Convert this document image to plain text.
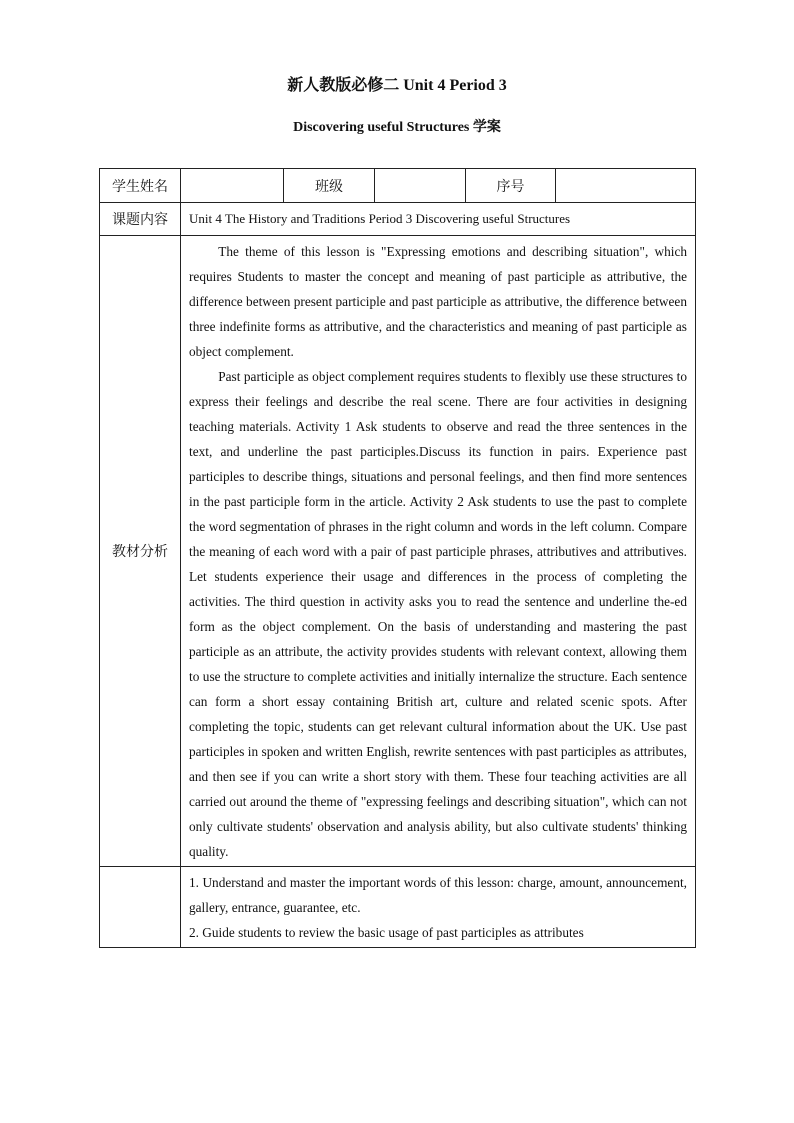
新人教版必修二 Unit 4 Period 3
Discovering useful Structures 学案
学生姓名		班级		序号	
课题内容	Unit 4 The History and Traditions Period 3 Discovering useful Structures				
教材分析	The theme of this lesson is "Expressing emotions and describing situation", which requires Students to master the concept and meaning of past participle as attributive, the difference between present participle and past participle as attributive, the difference between three indefinite forms as attributive, and the characteristics and meaning of past participle as object complement.

Past participle as object complement requires students to flexibly use these structures to express their feelings and describe the real scene. There are four activities in designing teaching materials. Activity 1 Ask students to observe and read the three sentences in the text, and underline the past participles.Discuss its function in pairs. Experience past participles to describe things, situations and personal feelings, and then find more sentences in the past participle form in the article. Activity 2 Ask students to use the past to complete the word segmentation of phrases in the right column and words in the left column. Compare the meaning of each word with a pair of past participle phrases, attributives and attributives. Let students experience their usage and differences in the process of completing the activities. The third question in activity asks you to read the sentence and underline the-ed form as the object complement. On the basis of understanding and mastering the past participle as an attribute, the activity provides students with relevant context, allowing them to use the structure to complete activities and initially internalize the structure. Each sentence can form a short essay containing British art, culture and related scenic spots. After completing the topic, students can get relevant cultural information about the UK. Use past participles in spoken and written English, rewrite sentences with past participles as attributes, and then see if you can write a short story with them. These four teaching activities are all carried out around the theme of "expressing feelings and describing situation", which can not only cultivate students' observation and analysis ability, but also cultivate students' thinking quality.				

	1. Understand and master the important words of this lesson: charge, amount, announcement, gallery, entrance, guarantee, etc.

2. Guide students to review the basic usage of past participles as attributes				
